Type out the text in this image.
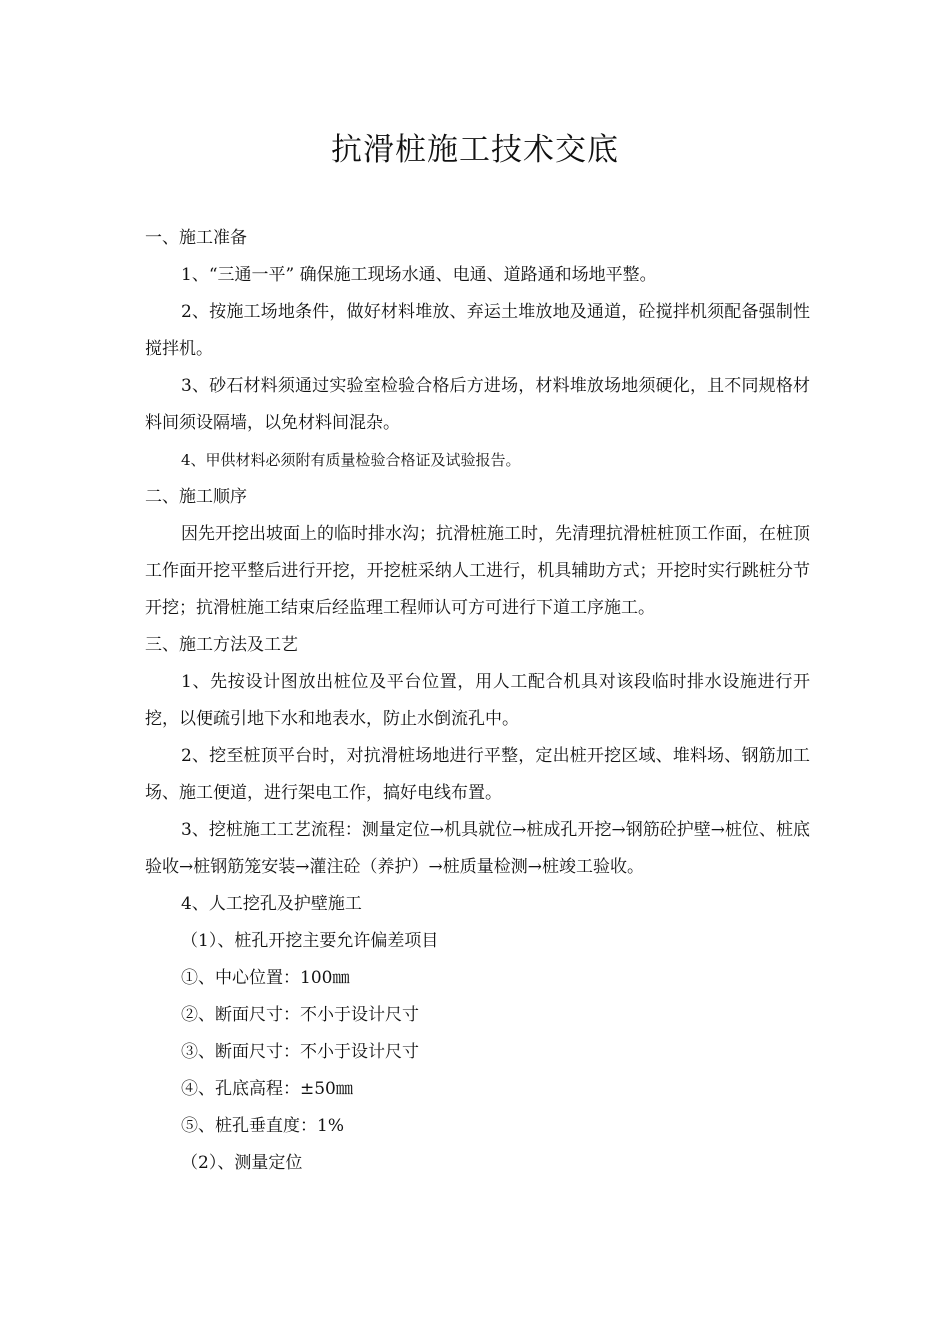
抗滑桩施工技术交底
一、施工准备
1、“三通一平” 确保施工现场水通、电通、道路通和场地平整。
2、按施工场地条件，做好材料堆放、弃运土堆放地及通道，砼搅拌机须配备强制性搅拌机。
3、砂石材料须通过实验室检验合格后方进场，材料堆放场地须硬化，且不同规格材料间须设隔墙，以免材料间混杂。
4、甲供材料必须附有质量检验合格证及试验报告。
二、施工顺序
因先开挖出坡面上的临时排水沟；抗滑桩施工时，先清理抗滑桩桩顶工作面，在桩顶工作面开挖平整后进行开挖，开挖桩采纳人工进行，机具辅助方式；开挖时实行跳桩分节开挖；抗滑桩施工结束后经监理工程师认可方可进行下道工序施工。
三、施工方法及工艺
1、先按设计图放出桩位及平台位置，用人工配合机具对该段临时排水设施进行开挖，以便疏引地下水和地表水，防止水倒流孔中。
2、挖至桩顶平台时，对抗滑桩场地进行平整，定出桩开挖区域、堆料场、钢筋加工场、施工便道，进行架电工作，搞好电线布置。
3、挖桩施工工艺流程：测量定位→机具就位→桩成孔开挖→钢筋砼护壁→桩位、桩底验收→桩钢筋笼安装→灌注砼（养护）→桩质量检测→桩竣工验收。
4、人工挖孔及护壁施工
（1）、桩孔开挖主要允许偏差项目
①、中心位置：100㎜
②、断面尺寸：不小于设计尺寸
③、断面尺寸：不小于设计尺寸
④、孔底高程：±50㎜
⑤、桩孔垂直度：1%
（2）、测量定位
